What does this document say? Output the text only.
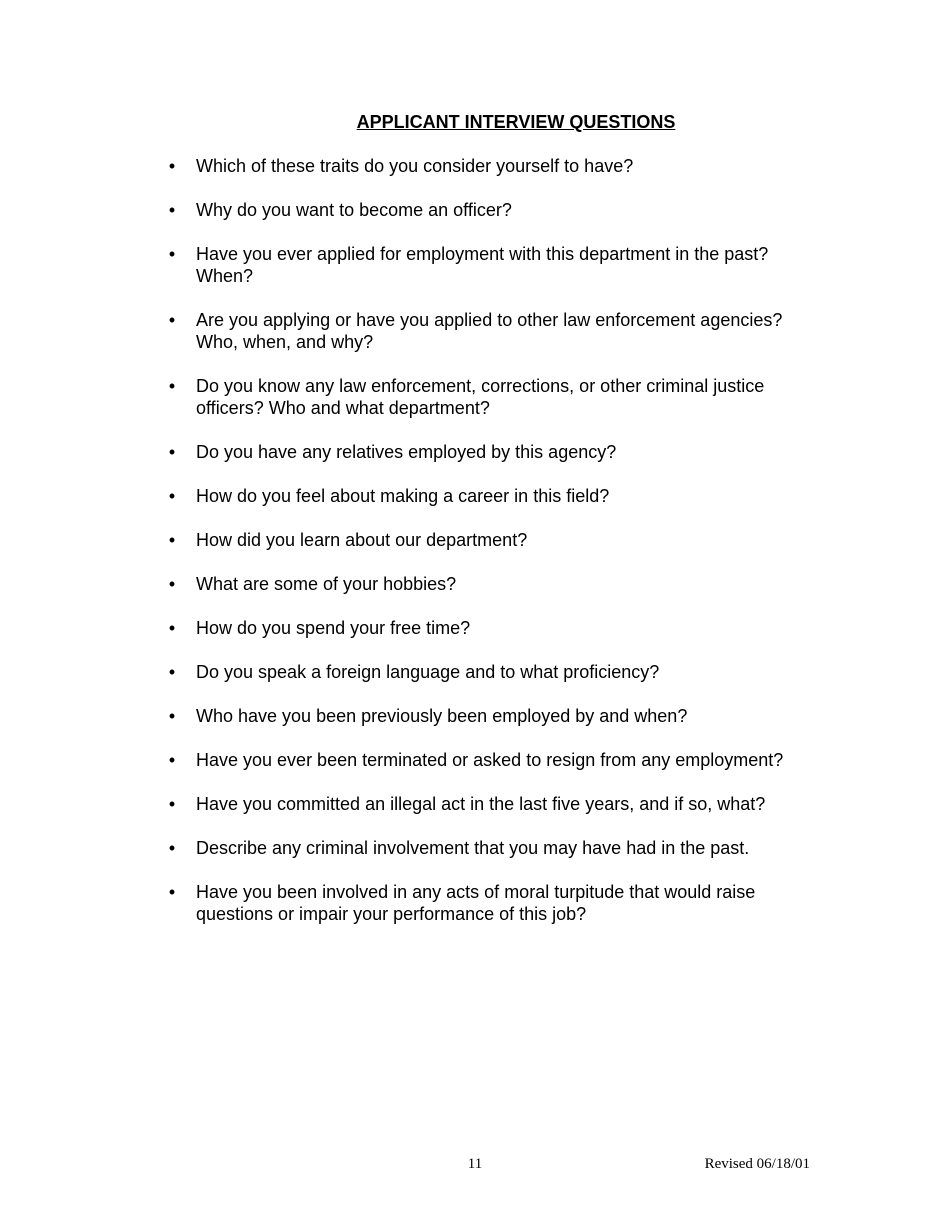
APPLICANT INTERVIEW QUESTIONS
• Which of these traits do you consider yourself to have?
• Why do you want to become an officer?
• Have you ever applied for employment with this department in the past? When?
• Are you applying or have you applied to other law enforcement agencies? Who, when, and why?
• Do you know any law enforcement, corrections, or other criminal justice officers? Who and what department?
• Do you have any relatives employed by this agency?
• How do you feel about making a career in this field?
• How did you learn about our department?
• What are some of your hobbies?
• How do you spend your free time?
• Do you speak a foreign language and to what proficiency?
• Who have you been previously been employed by and when?
• Have you ever been terminated or asked to resign from any employment?
• Have you committed an illegal act in the last five years, and if so, what?
• Describe any criminal involvement that you may have had in the past.
• Have you been involved in any acts of moral turpitude that would raise questions or impair your performance of this job?
11	Revised 06/18/01
